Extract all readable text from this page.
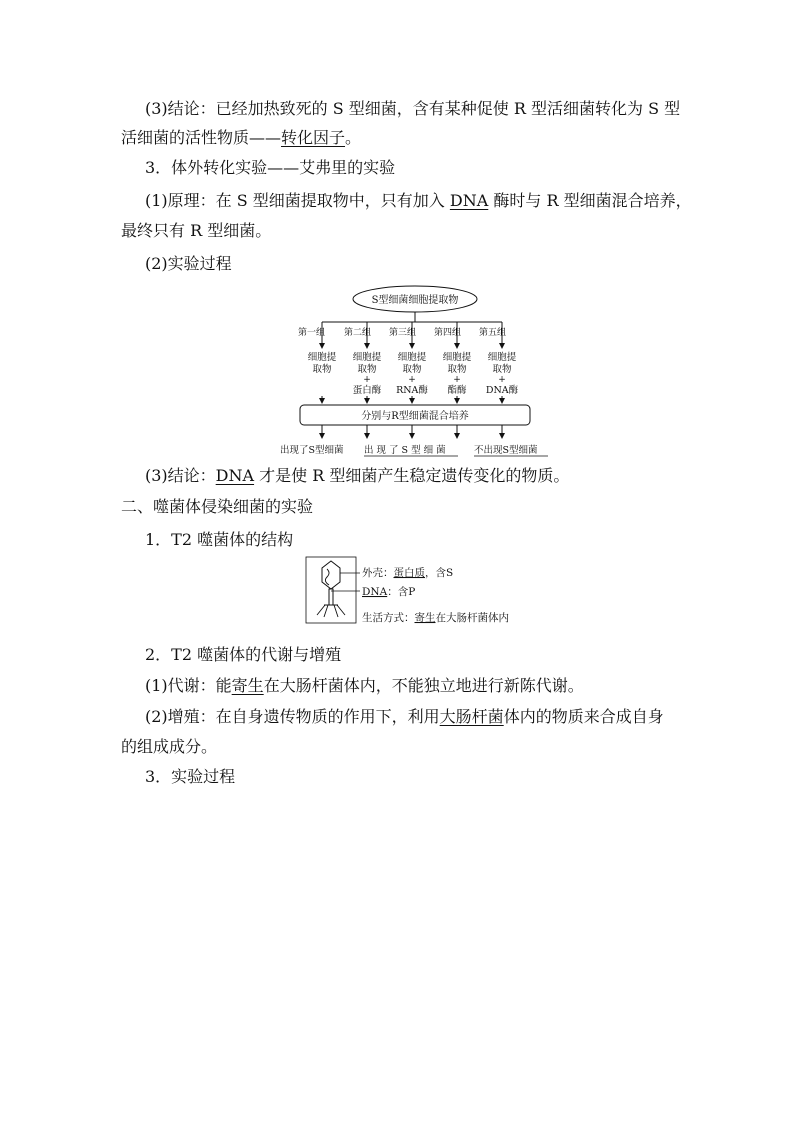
(3)结论：已经加热致死的 S 型细菌，含有某种促使 R 型活细菌转化为 S 型
活细菌的活性物质——转化因子。
3．体外转化实验——艾弗里的实验
(1)原理：在 S 型细菌提取物中，只有加入 DNA 酶时与 R 型细菌混合培养，
最终只有 R 型细菌。
(2)实验过程
S型细菌细胞提取物
第一组 第二组 第三组 第四组 第五组
细胞提
取物
细胞提
取物
细胞提
取物
细胞提
取物
细胞提
取物
+	+	+	+
蛋白酶 RNA酶 酯酶 DNA酶
分别与R型细菌混合培养
出现了S型细菌 出 现 了 S 型 细 菌	不出现S型细菌
(3)结论：DNA 才是使 R 型细菌产生稳定遗传变化的物质。
二、噬菌体侵染细菌的实验
1．T2 噬菌体的结构
外壳：蛋白质，含S
DNA：含P
生活方式：寄生在大肠杆菌体内
2．T2 噬菌体的代谢与增殖
(1)代谢：能寄生在大肠杆菌体内，不能独立地进行新陈代谢。
(2)增殖：在自身遗传物质的作用下，利用大肠杆菌体内的物质来合成自身
的组成成分。
3．实验过程
